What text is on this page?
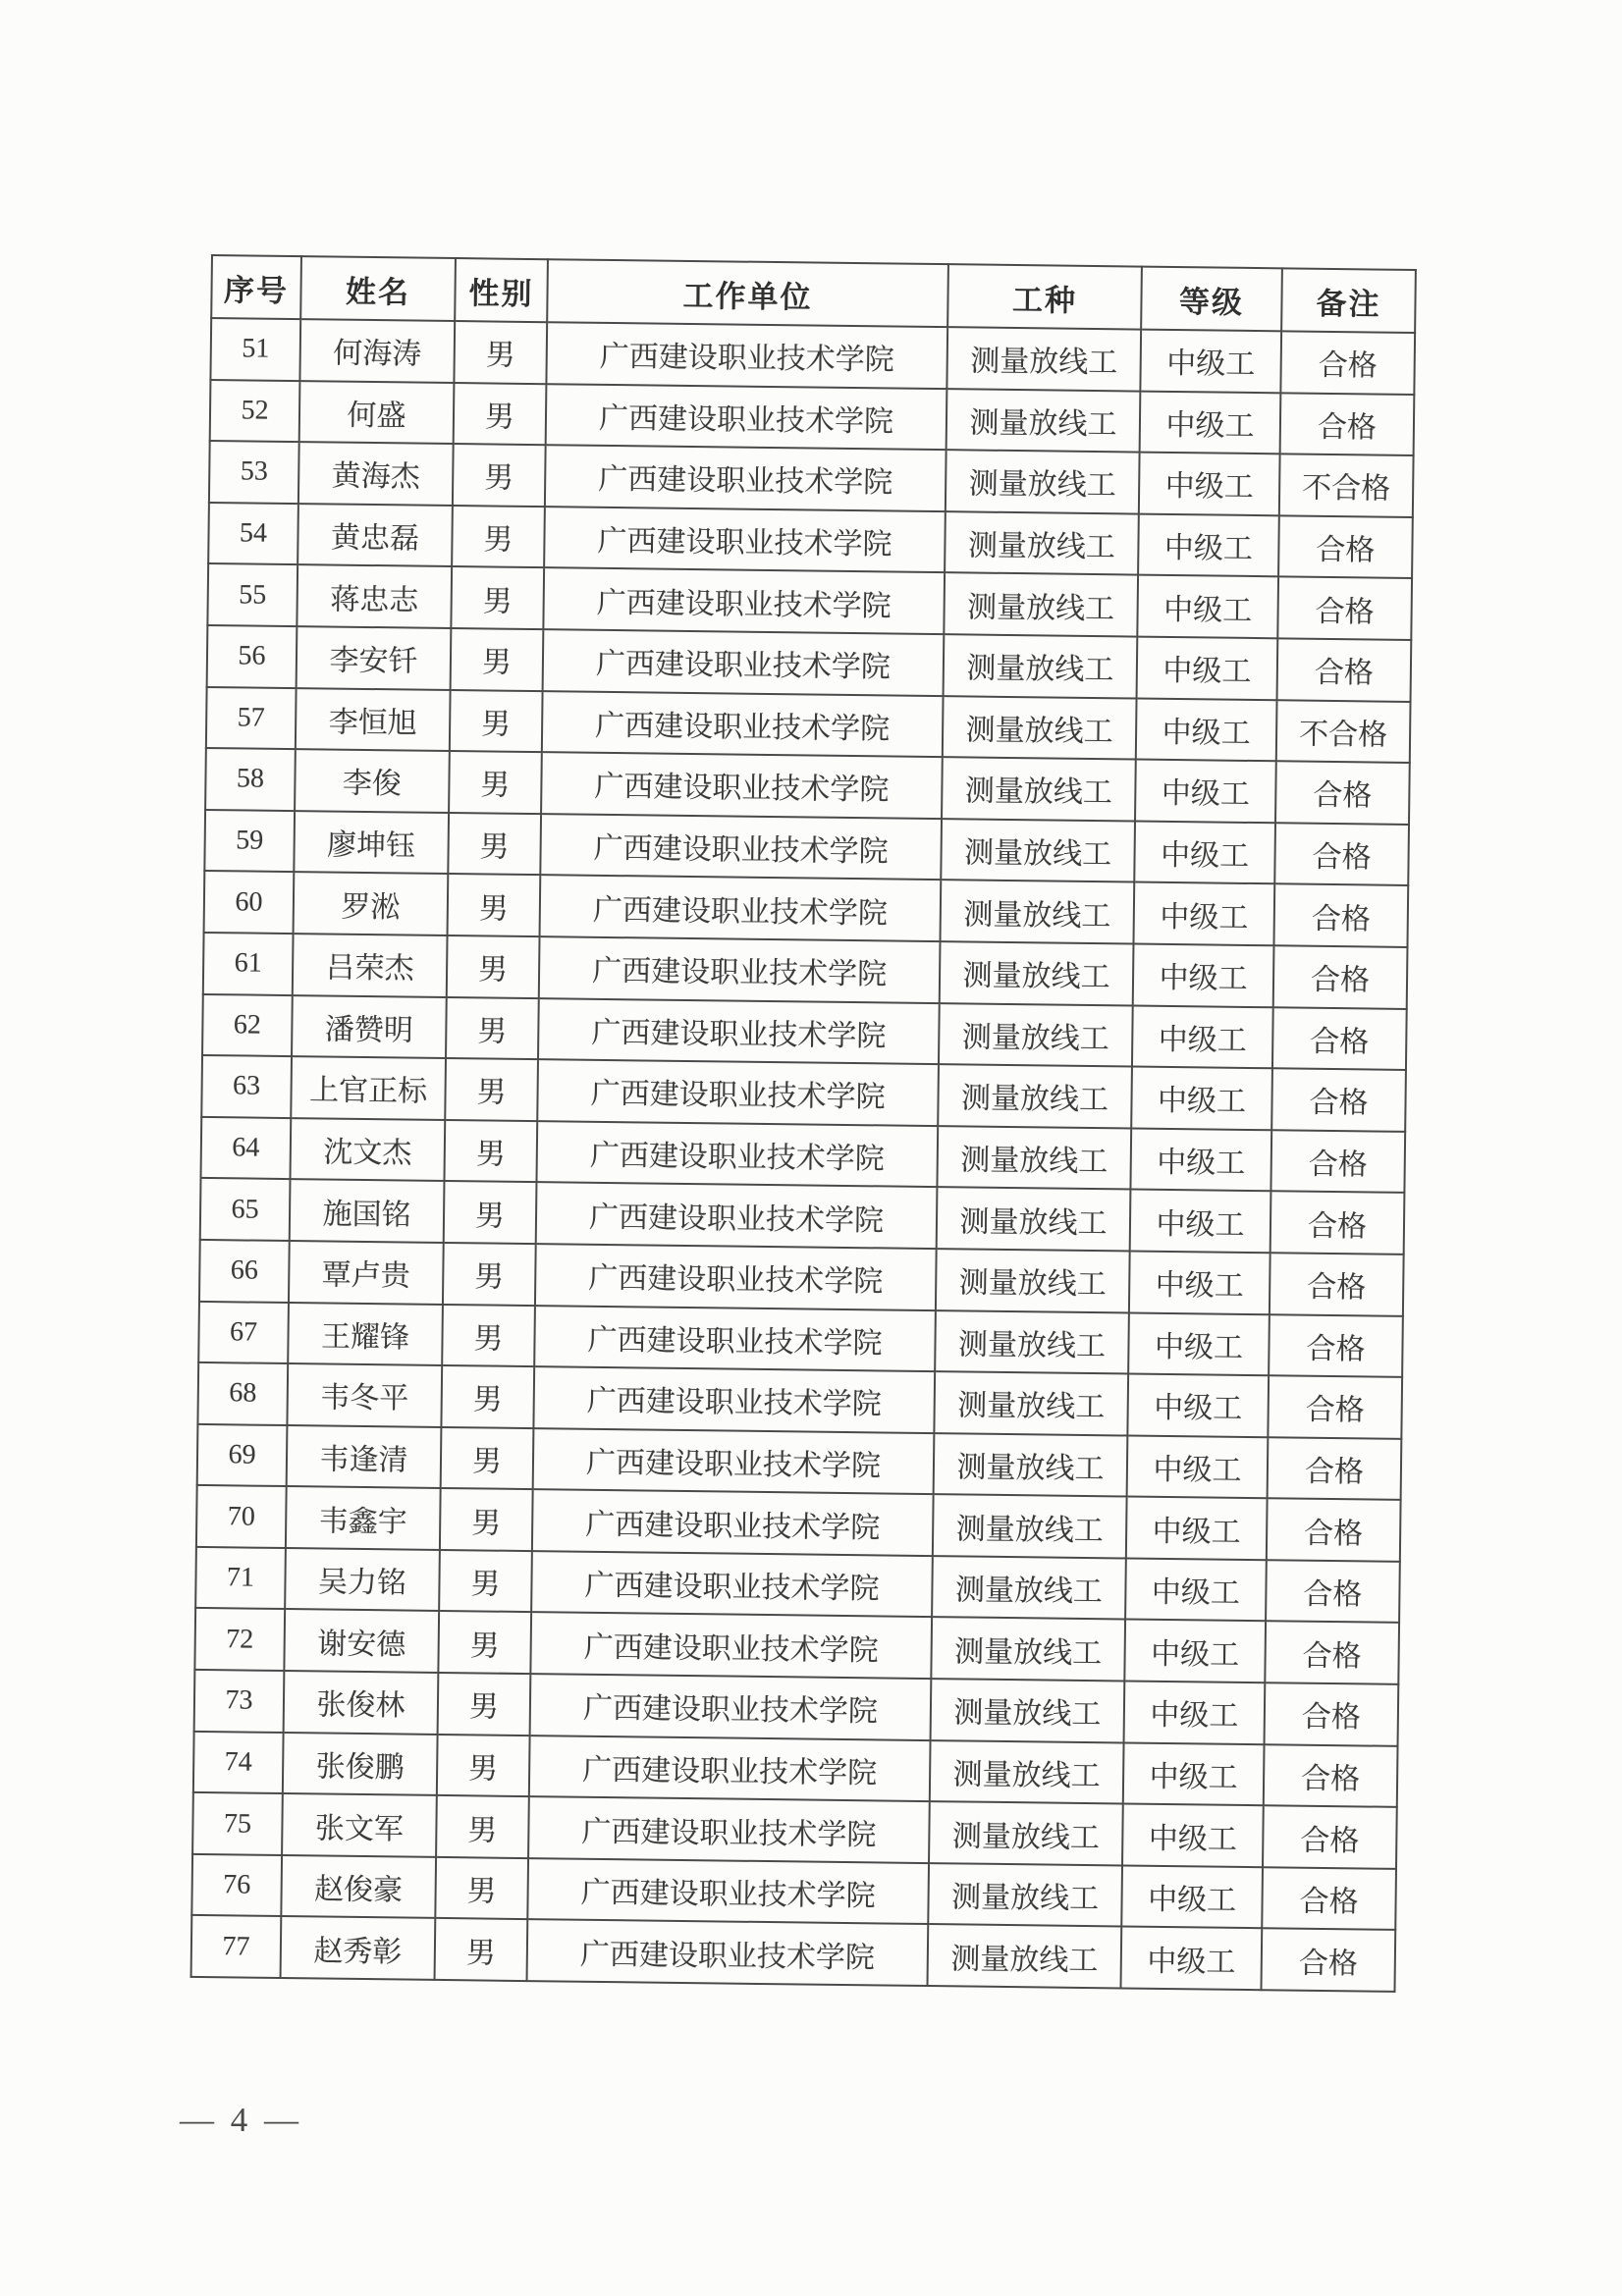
序号	姓名	性别	工作单位	工种	等级	备注
51	何海涛	男	广西建设职业技术学院	测量放线工	中级工	合格
52	何盛	男	广西建设职业技术学院	测量放线工	中级工	合格
53	黄海杰	男	广西建设职业技术学院	测量放线工	中级工	不合格
54	黄忠磊	男	广西建设职业技术学院	测量放线工	中级工	合格
55	蒋忠志	男	广西建设职业技术学院	测量放线工	中级工	合格
56	李安钎	男	广西建设职业技术学院	测量放线工	中级工	合格
57	李恒旭	男	广西建设职业技术学院	测量放线工	中级工	不合格
58	李俊	男	广西建设职业技术学院	测量放线工	中级工	合格
59	廖坤钰	男	广西建设职业技术学院	测量放线工	中级工	合格
60	罗淞	男	广西建设职业技术学院	测量放线工	中级工	合格
61	吕荣杰	男	广西建设职业技术学院	测量放线工	中级工	合格
62	潘赞明	男	广西建设职业技术学院	测量放线工	中级工	合格
63	上官正标	男	广西建设职业技术学院	测量放线工	中级工	合格
64	沈文杰	男	广西建设职业技术学院	测量放线工	中级工	合格
65	施国铭	男	广西建设职业技术学院	测量放线工	中级工	合格
66	覃卢贵	男	广西建设职业技术学院	测量放线工	中级工	合格
67	王耀锋	男	广西建设职业技术学院	测量放线工	中级工	合格
68	韦冬平	男	广西建设职业技术学院	测量放线工	中级工	合格
69	韦逢清	男	广西建设职业技术学院	测量放线工	中级工	合格
70	韦鑫宇	男	广西建设职业技术学院	测量放线工	中级工	合格
71	吴力铭	男	广西建设职业技术学院	测量放线工	中级工	合格
72	谢安德	男	广西建设职业技术学院	测量放线工	中级工	合格
73	张俊林	男	广西建设职业技术学院	测量放线工	中级工	合格
74	张俊鹏	男	广西建设职业技术学院	测量放线工	中级工	合格
75	张文军	男	广西建设职业技术学院	测量放线工	中级工	合格
76	赵俊豪	男	广西建设职业技术学院	测量放线工	中级工	合格
77	赵秀彰	男	广西建设职业技术学院	测量放线工	中级工	合格
— 4 —
